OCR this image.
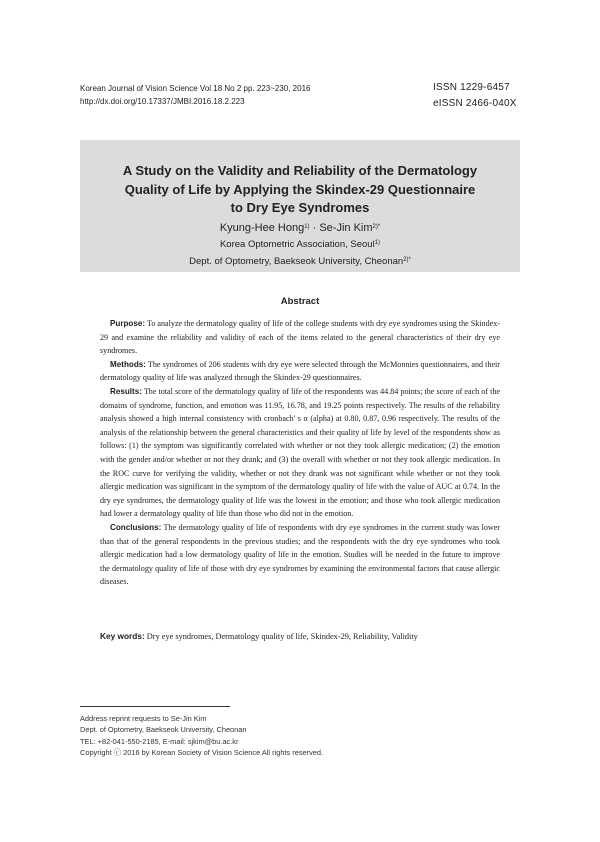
Korean Journal of Vision Science Vol 18 No 2 pp. 223~230, 2016
http://dx.doi.org/10.17337/JMBI.2016.18.2.223
ISSN 1229-6457
eISSN 2466-040X
A Study on the Validity and Reliability of the Dermatology
Quality of Life by Applying the Skindex-29 Questionnaire
to Dry Eye Syndromes
Kyung-Hee Hong$^{1)}$ · Se-Jin Kim$^{2)*}$
Korea Optometric Association, Seoul$^{1)}$
Dept. of Optometry, Baekseok University, Cheonan$^{2)*}$
Abstract

Purpose: To analyze the dermatology quality of life of the college students with dry eye syndromes using the Skindex-29 and examine the reliability and validity of each of the items related to the general characteristics of their dry eye syndromes.

Methods: The syndromes of 206 students with dry eye were selected through the McMonnies questionnaires, and their dermatology quality of life was analyzed through the Skindex-29 questionnaires.

Results: The total score of the dermatology quality of life of the respondents was 44.84 points; the score of each of the domains of syndrome, function, and emotion was 11.95, 16.78, and 19.25 points respectively. The results of the reliability analysis showed a high internal consistency with cronbach' s α (alpha) at 0.80, 0.87, 0.96 respectively. The results of the analysis of the relationship between the general characteristics and their quality of life by level of the respondents show as follows: (1) the symptom was significantly correlated with whether or not they took allergic medication; (2) the emotion with the gender and/or whether or not they drank; and (3) the overall with whether or not they took allergic medication. In the ROC curve for verifying the validity, whether or not they drank was not significant while whether or not they took allergic medication was significant in the symptom of the dermatology quality of life with the value of AUC at 0.74. In the dry eye syndromes, the dermatology quality of life was the lowest in the emotion; and those who took allergic medication had lower a dermatology quality of life than those who did not in the emotion.

Conclusions: The dermatology quality of life of respondents with dry eye syndromes in the current study was lower than that of the general respondents in the previous studies; and the respondents with the dry eye syndromes who took allergic medication had a low dermatology quality of life in the emotion. Studies will be needed in the future to improve the dermatology quality of life of those with dry eye syndromes by examining the environmental factors that cause allergic diseases.

Key words: Dry eye syndromes, Dermatology quality of life, Skindex-29, Reliability, Validity
Address reprint requests to Se-Jin Kim
Dept. of Optometry, Baekseok University, Cheonan
TEL: +82-041-550-2185, E-mail: sjkim@bu.ac.kr
Copyright ⓒ 2016 by Korean Society of Vision Science All rights reserved.
